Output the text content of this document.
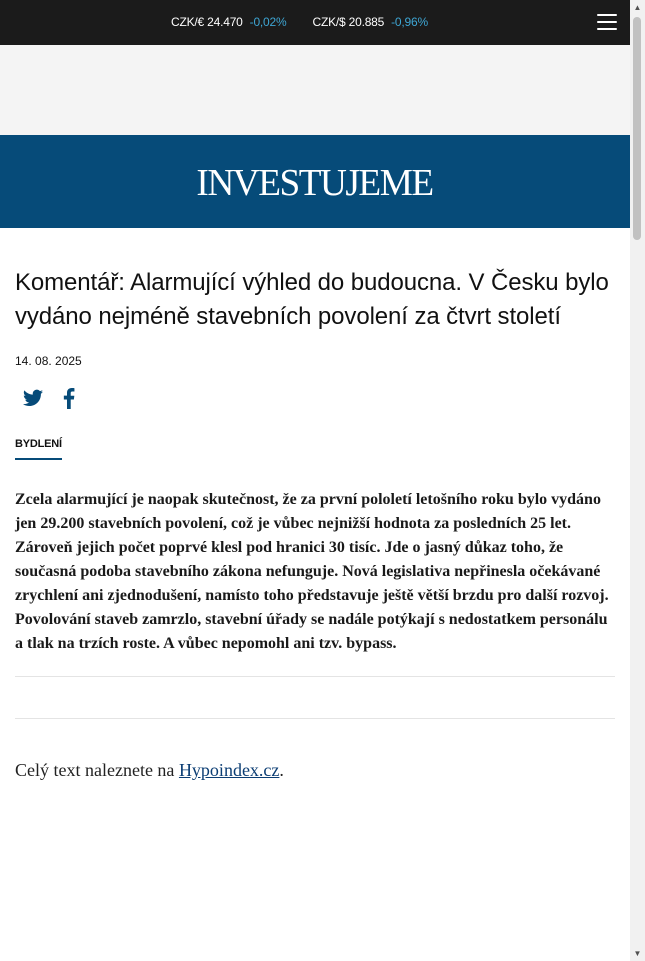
CZK/€ 24.470 -0,02% CZK/$ 20.885 -0,96%
INVESTUJEME
Komentář: Alarmující výhled do budoucna. V Česku bylo vydáno nejméně stavebních povolení za čtvrt století
14. 08. 2025
BYDLENÍ

Zcela alarmující je naopak skutečnost, že za první pololetí letošního roku bylo vydáno jen 29.200 stavebních povolení, což je vůbec nejnižší hodnota za posledních 25 let. Zároveň jejich počet poprvé klesl pod hranici 30 tisíc. Jde o jasný důkaz toho, že současná podoba stavebního zákona nefunguje. Nová legislativa nepřinesla očekávané zrychlení ani zjednodušení, namísto toho představuje ještě větší brzdu pro další rozvoj. Povolování staveb zamrzlo, stavební úřady se nadále potýkají s nedostatkem personálu a tlak na trzích roste. A vůbec nepomohl ani tzv. bypass.

Celý text naleznete na Hypoindex.cz.

▲
▼
